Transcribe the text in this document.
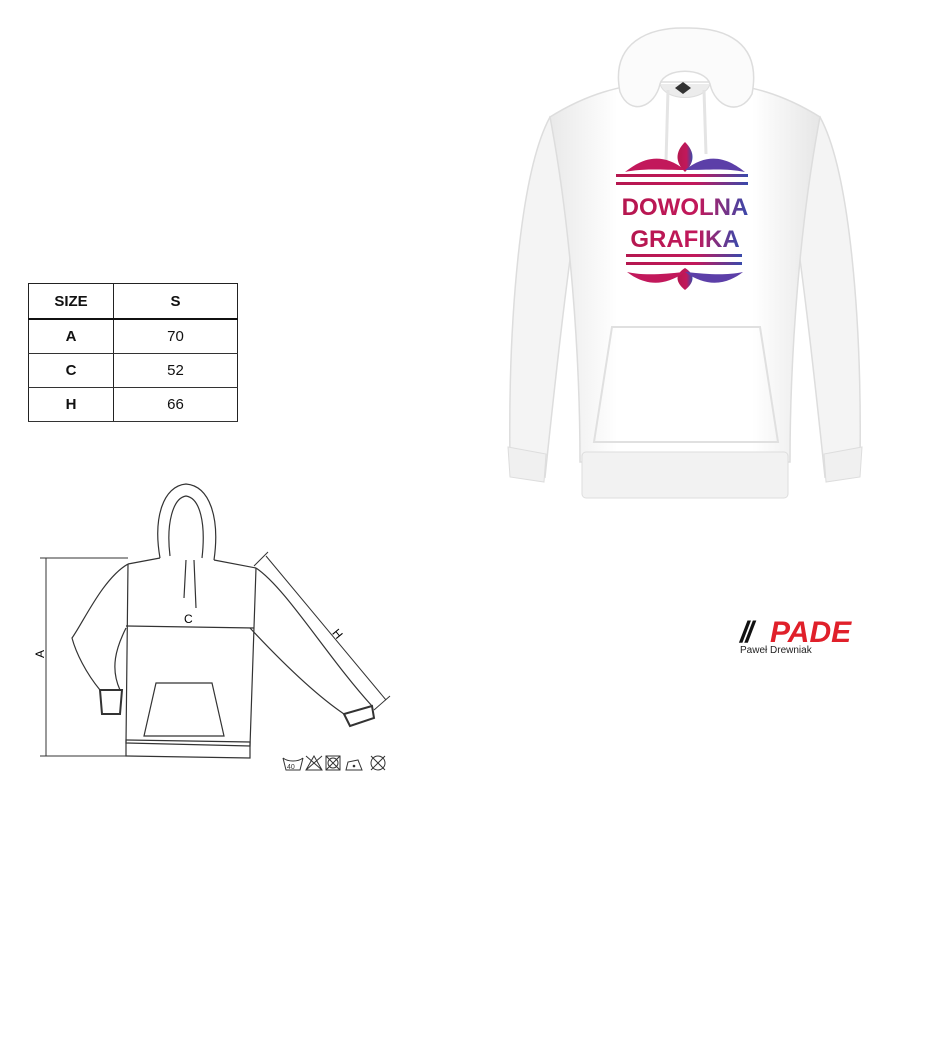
SIZE	S
A	70
C	52
H	66
DOWOLNA
GRAFIKA
A
C
H
40
// PADE
Paweł Drewniak
